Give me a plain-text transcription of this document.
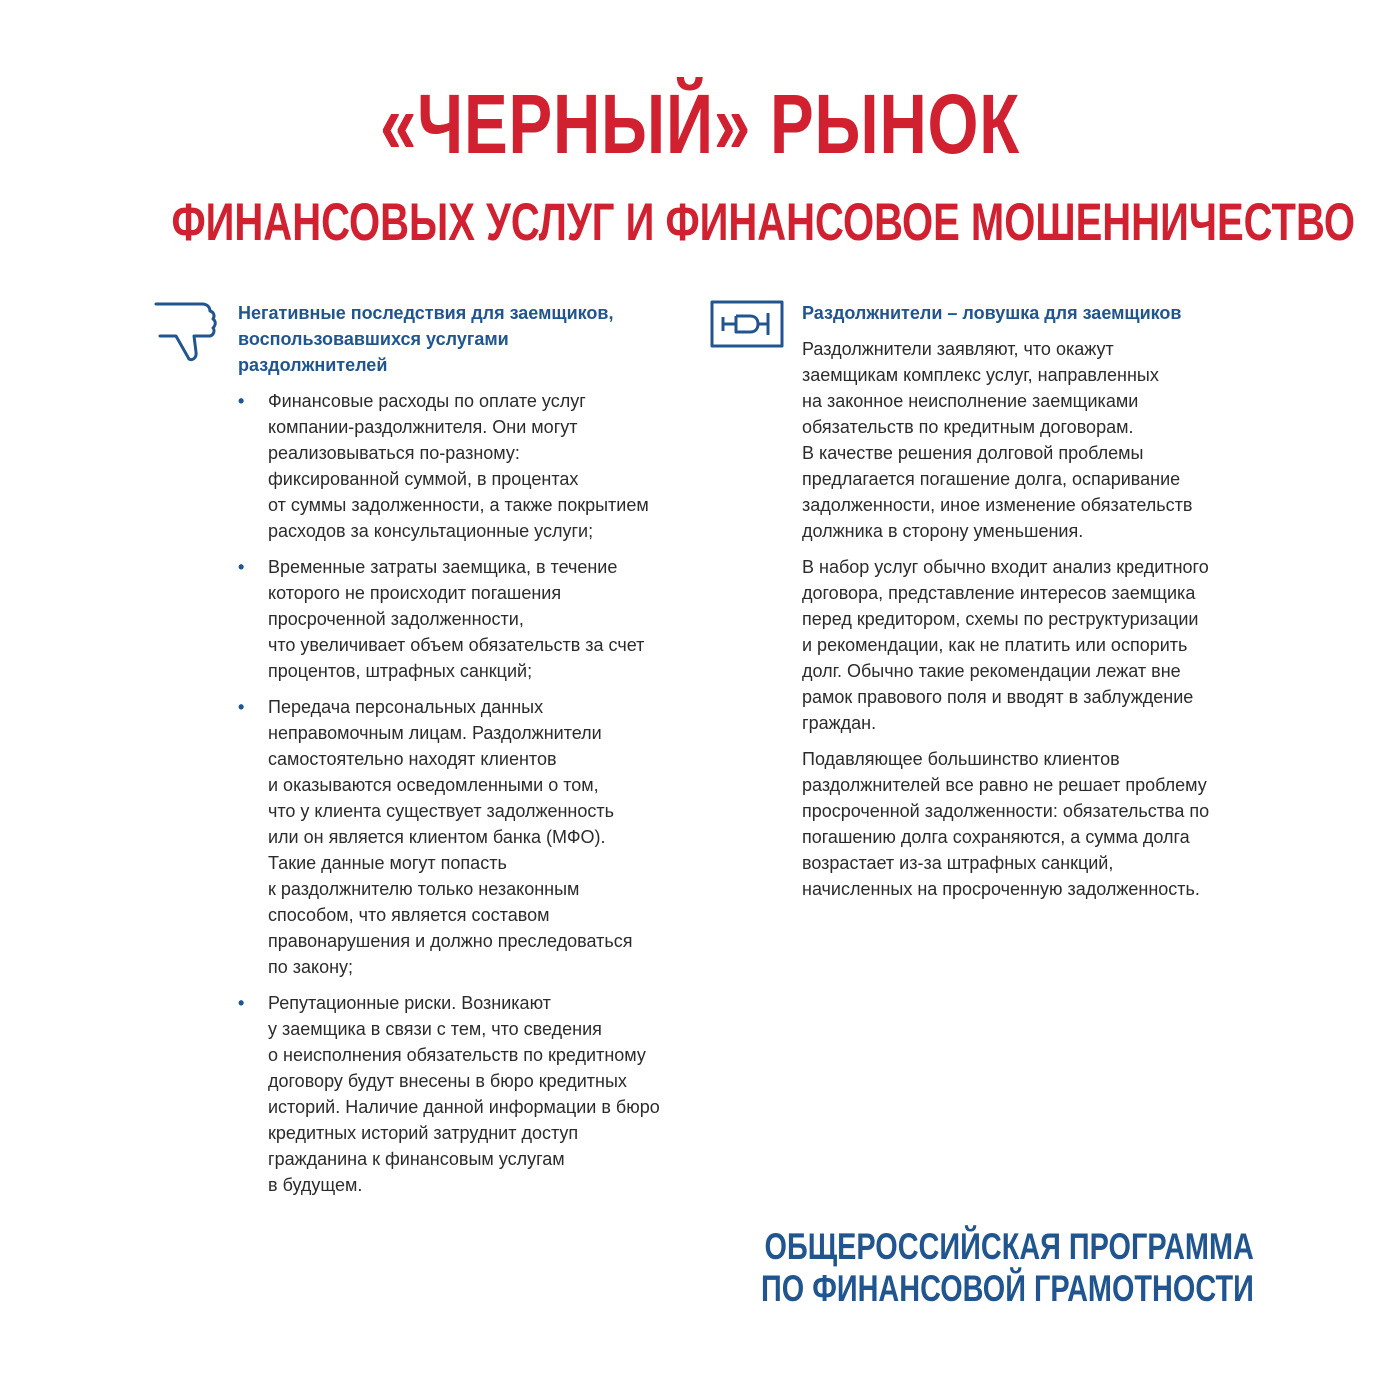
«ЧЕРНЫЙ» РЫНОК
ФИНАНСОВЫХ УСЛУГ И ФИНАНСОВОЕ МОШЕННИЧЕСТВО
Негативные последствия для заемщиков,
воспользовавшихся услугами
раздолжнителей
• Финансовые расходы по оплате услуг
компании-раздолжнителя. Они могут
реализовываться по-разному:
фиксированной суммой, в процентах
от суммы задолженности, а также покрытием
расходов за консультационные услуги;
• Временные затраты заемщика, в течение
которого не происходит погашения
просроченной задолженности,
что увеличивает объем обязательств за счет
процентов, штрафных санкций;
• Передача персональных данных
неправомочным лицам. Раздолжнители
самостоятельно находят клиентов
и оказываются осведомленными о том,
что у клиента существует задолженность
или он является клиентом банка (МФО).
Такие данные могут попасть
к раздолжнителю только незаконным
способом, что является составом
правонарушения и должно преследоваться
по закону;
• Репутационные риски. Возникают
у заемщика в связи с тем, что сведения
о неисполнения обязательств по кредитному
договору будут внесены в бюро кредитных
историй. Наличие данной информации в бюро
кредитных историй затруднит доступ
гражданина к финансовым услугам
в будущем.
Раздолжнители – ловушка для заемщиков

Раздолжнители заявляют, что окажут
заемщикам комплекс услуг, направленных
на законное неисполнение заемщиками
обязательств по кредитным договорам.
В качестве решения долговой проблемы
предлагается погашение долга, оспаривание
задолженности, иное изменение обязательств
должника в сторону уменьшения.

В набор услуг обычно входит анализ кредитного
договора, представление интересов заемщика
перед кредитором, схемы по реструктуризации
и рекомендации, как не платить или оспорить
долг. Обычно такие рекомендации лежат вне
рамок правового поля и вводят в заблуждение
граждан.

Подавляющее большинство клиентов
раздолжнителей все равно не решает проблему
просроченной задолженности: обязательства по
погашению долга сохраняются, а сумма долга
возрастает из-за штрафных санкций,
начисленных на просроченную задолженность.

ОБЩЕРОССИЙСКАЯ ПРОГРАММА
ПО ФИНАНСОВОЙ ГРАМОТНОСТИ
